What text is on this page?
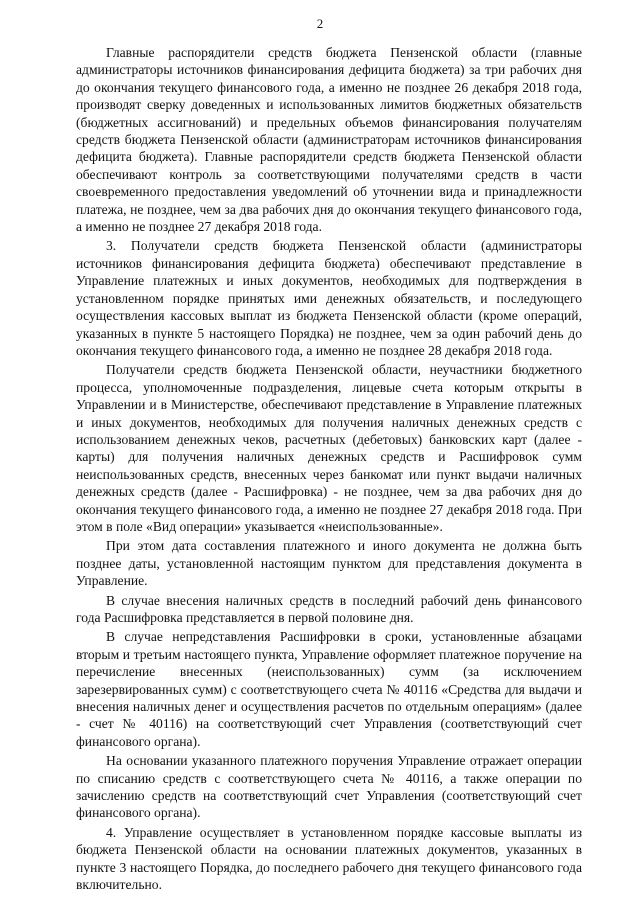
2

Главные распорядители средств бюджета Пензенской области (главные администраторы источников финансирования дефицита бюджета) за три рабочих дня до окончания текущего финансового года, а именно не позднее 26 декабря 2018 года, производят сверку доведенных и использованных лимитов бюджетных обязательств (бюджетных ассигнований) и предельных объемов финансирования получателям средств бюджета Пензенской области (администраторам источников финансирования дефицита бюджета). Главные распорядители средств бюджета Пензенской области обеспечивают контроль за соответствующими получателями средств в части своевременного предоставления уведомлений об уточнении вида и принадлежности платежа, не позднее, чем за два рабочих дня до окончания текущего финансового года, а именно не позднее 27 декабря 2018 года.

3. Получатели средств бюджета Пензенской области (администраторы источников финансирования дефицита бюджета) обеспечивают представление в Управление платежных и иных документов, необходимых для подтверждения в установленном порядке принятых ими денежных обязательств, и последующего осуществления кассовых выплат из бюджета Пензенской области (кроме операций, указанных в пункте 5 настоящего Порядка) не позднее, чем за один рабочий день до окончания текущего финансового года, а именно не позднее 28 декабря 2018 года.

Получатели средств бюджета Пензенской области, неучастники бюджетного процесса, уполномоченные подразделения, лицевые счета которым открыты в Управлении и в Министерстве, обеспечивают представление в Управление платежных и иных документов, необходимых для получения наличных денежных средств с использованием денежных чеков, расчетных (дебетовых) банковских карт (далее - карты) для получения наличных денежных средств и Расшифровок сумм неиспользованных средств, внесенных через банкомат или пункт выдачи наличных денежных средств (далее - Расшифровка) - не позднее, чем за два рабочих дня до окончания текущего финансового года, а именно не позднее 27 декабря 2018 года. При этом в поле «Вид операции» указывается «неиспользованные».

При этом дата составления платежного и иного документа не должна быть позднее даты, установленной настоящим пунктом для представления документа в Управление.

В случае внесения наличных средств в последний рабочий день финансового года Расшифровка представляется в первой половине дня.

В случае непредставления Расшифровки в сроки, установленные абзацами вторым и третьим настоящего пункта, Управление оформляет платежное поручение на перечисление внесенных (неиспользованных) сумм (за исключением зарезервированных сумм) с соответствующего счета № 40116 «Средства для выдачи и внесения наличных денег и осуществления расчетов по отдельным операциям» (далее - счет № 40116) на соответствующий счет Управления (соответствующий счет финансового органа).

На основании указанного платежного поручения Управление отражает операции по списанию средств с соответствующего счета № 40116, а также операции по зачислению средств на соответствующий счет Управления (соответствующий счет финансового органа).

4. Управление осуществляет в установленном порядке кассовые выплаты из бюджета Пензенской области на основании платежных документов, указанных в пункте 3 настоящего Порядка, до последнего рабочего дня текущего финансового года включительно.
